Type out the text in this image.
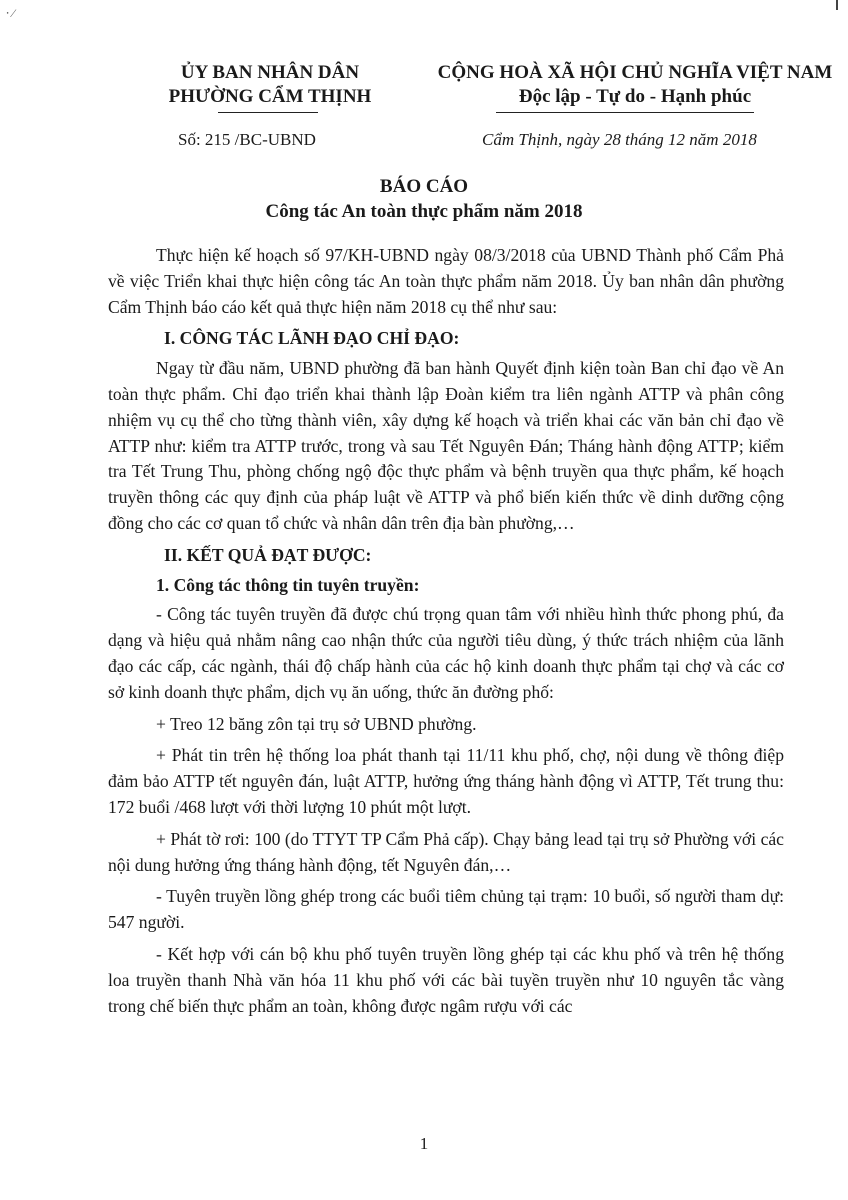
⸱ ⁄
ỦY BAN NHÂN DÂN
PHƯỜNG CẨM THỊNH
CỘNG HOÀ XÃ HỘI CHỦ NGHĨA VIỆT NAM
Độc lập - Tự do - Hạnh phúc
Số: 215 /BC-UBND	Cẩm Thịnh, ngày 28 tháng 12 năm 2018
BÁO CÁO
Công tác An toàn thực phẩm năm 2018

Thực hiện kế hoạch số 97/KH-UBND ngày 08/3/2018 của UBND Thành phố Cẩm Phả về việc Triển khai thực hiện công tác An toàn thực phẩm năm 2018. Ủy ban nhân dân phường Cẩm Thịnh báo cáo kết quả thực hiện năm 2018 cụ thể như sau:

I. CÔNG TÁC LÃNH ĐẠO CHỈ ĐẠO:

Ngay từ đầu năm, UBND phường đã ban hành Quyết định kiện toàn Ban chỉ đạo về An toàn thực phẩm. Chỉ đạo triển khai thành lập Đoàn kiểm tra liên ngành ATTP và phân công nhiệm vụ cụ thể cho từng thành viên, xây dựng kế hoạch và triển khai các văn bản chỉ đạo về ATTP như: kiểm tra ATTP trước, trong và sau Tết Nguyên Đán; Tháng hành động ATTP; kiểm tra Tết Trung Thu, phòng chống ngộ độc thực phẩm và bệnh truyền qua thực phẩm, kế hoạch truyền thông các quy định của pháp luật về ATTP và phổ biến kiến thức về dinh dưỡng cộng đồng cho các cơ quan tổ chức và nhân dân trên địa bàn phường,…

II. KẾT QUẢ ĐẠT ĐƯỢC:
1. Công tác thông tin tuyên truyền:

- Công tác tuyên truyền đã được chú trọng quan tâm với nhiều hình thức phong phú, đa dạng và hiệu quả nhằm nâng cao nhận thức của người tiêu dùng, ý thức trách nhiệm của lãnh đạo các cấp, các ngành, thái độ chấp hành của các hộ kinh doanh thực phẩm tại chợ và các cơ sở kinh doanh thực phẩm, dịch vụ ăn uống, thức ăn đường phố:

+ Treo 12 băng zôn tại trụ sở UBND phường.

+ Phát tin trên hệ thống loa phát thanh tại 11/11 khu phố, chợ, nội dung về thông điệp đảm bảo ATTP tết nguyên đán, luật ATTP, hưởng ứng tháng hành động vì ATTP, Tết trung thu: 172 buổi /468 lượt với thời lượng 10 phút một lượt.

+ Phát tờ rơi: 100 (do TTYT TP Cẩm Phả cấp). Chạy bảng lead tại trụ sở Phường với các nội dung hưởng ứng tháng hành động, tết Nguyên đán,…

- Tuyên truyền lồng ghép trong các buổi tiêm chủng tại trạm: 10 buổi, số người tham dự: 547 người.

- Kết hợp với cán bộ khu phố tuyên truyền lồng ghép tại các khu phố và trên hệ thống loa truyền thanh Nhà văn hóa 11 khu phố với các bài tuyền truyền như 10 nguyên tắc vàng trong chế biến thực phẩm an toàn, không được ngâm rượu với các

1
